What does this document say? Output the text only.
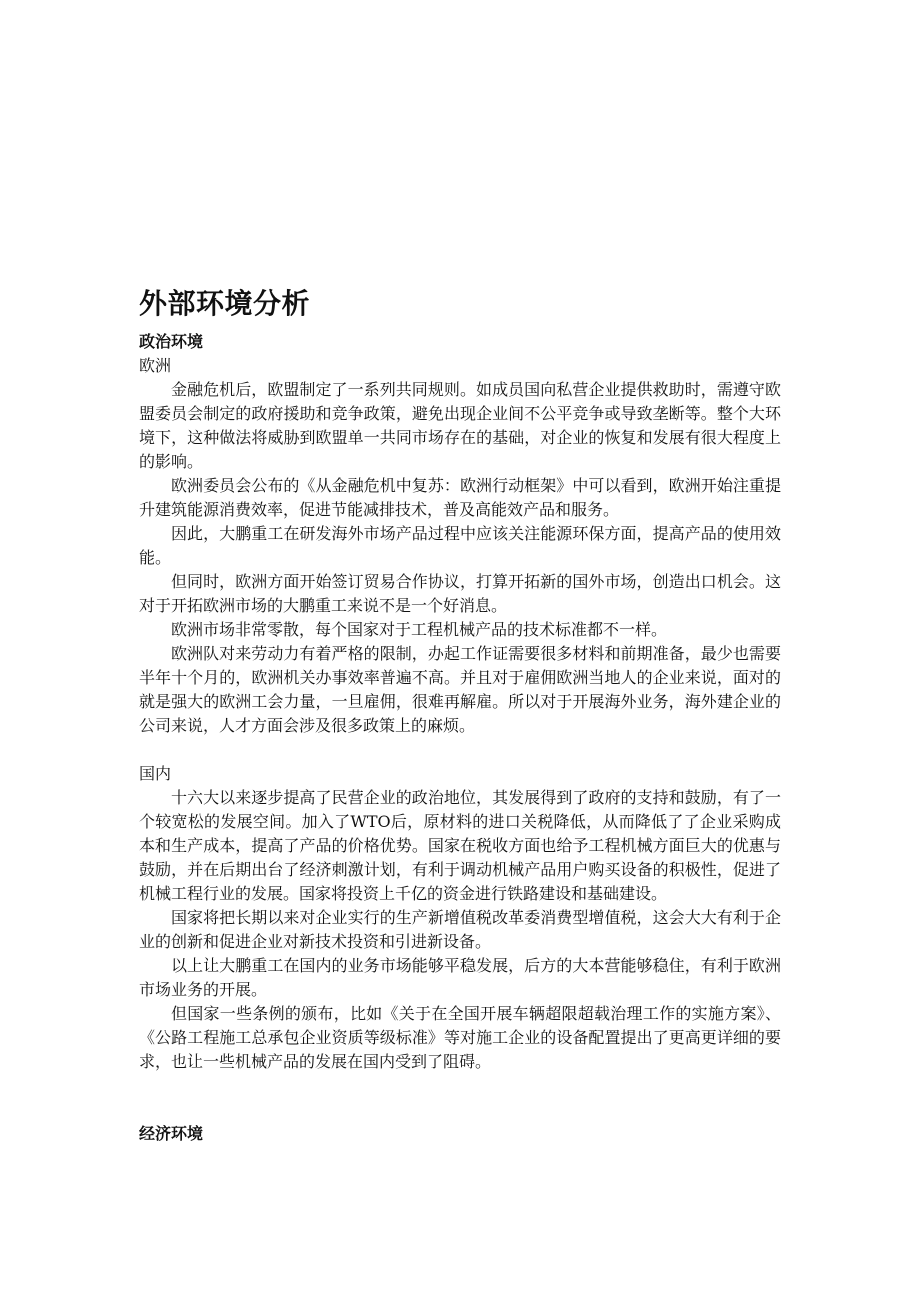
外部环境分析
政治环境

欧洲

金融危机后，欧盟制定了一系列共同规则。如成员国向私营企业提供救助时，需遵守欧盟委员会制定的政府援助和竞争政策，避免出现企业间不公平竞争或导致垄断等。整个大环境下，这种做法将威胁到欧盟单一共同市场存在的基础，对企业的恢复和发展有很大程度上的影响。

欧洲委员会公布的《从金融危机中复苏：欧洲行动框架》中可以看到，欧洲开始注重提升建筑能源消费效率，促进节能减排技术，普及高能效产品和服务。

因此，大鹏重工在研发海外市场产品过程中应该关注能源环保方面，提高产品的使用效能。

但同时，欧洲方面开始签订贸易合作协议，打算开拓新的国外市场，创造出口机会。这对于开拓欧洲市场的大鹏重工来说不是一个好消息。

欧洲市场非常零散，每个国家对于工程机械产品的技术标准都不一样。

欧洲队对来劳动力有着严格的限制，办起工作证需要很多材料和前期准备，最少也需要半年十个月的，欧洲机关办事效率普遍不高。并且对于雇佣欧洲当地人的企业来说，面对的就是强大的欧洲工会力量，一旦雇佣，很难再解雇。所以对于开展海外业务，海外建企业的公司来说，人才方面会涉及很多政策上的麻烦。

国内

十六大以来逐步提高了民营企业的政治地位，其发展得到了政府的支持和鼓励，有了一个较宽松的发展空间。加入了WTO后，原材料的进口关税降低，从而降低了了企业采购成本和生产成本，提高了产品的价格优势。国家在税收方面也给予工程机械方面巨大的优惠与鼓励，并在后期出台了经济刺激计划，有利于调动机械产品用户购买设备的积极性，促进了机械工程行业的发展。国家将投资上千亿的资金进行铁路建设和基础建设。

国家将把长期以来对企业实行的生产新增值税改革委消费型增值税，这会大大有利于企业的创新和促进企业对新技术投资和引进新设备。

以上让大鹏重工在国内的业务市场能够平稳发展，后方的大本营能够稳住，有利于欧洲市场业务的开展。

但国家一些条例的颁布，比如《关于在全国开展车辆超限超载治理工作的实施方案》、《公路工程施工总承包企业资质等级标准》等对施工企业的设备配置提出了更高更详细的要求，也让一些机械产品的发展在国内受到了阻碍。

经济环境
